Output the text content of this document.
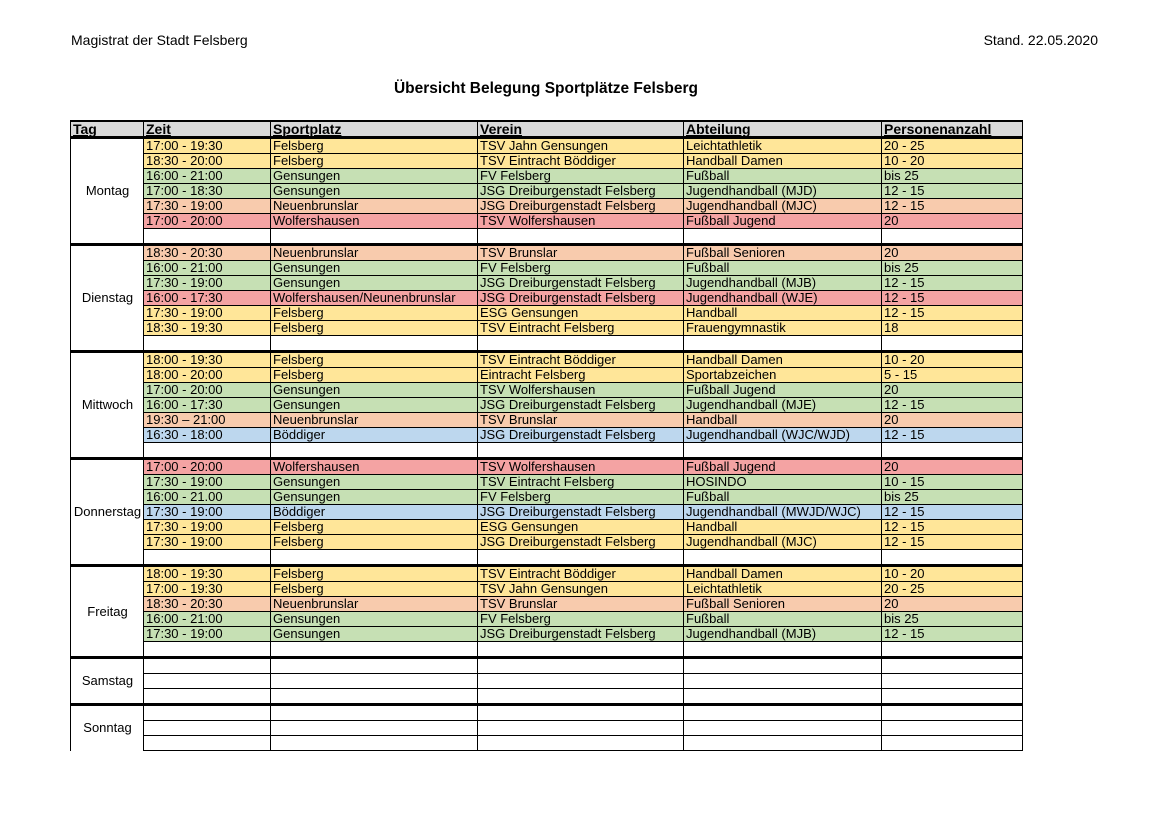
Magistrat der Stadt Felsberg	Stand. 22.05.2020
Übersicht Belegung Sportplätze Felsberg
Tag	Zeit	Sportplatz	Verein	Abteilung	Personenanzahl
Montag	17:00 - 19:30	Felsberg	TSV Jahn Gensungen	Leichtathletik	20 - 25
	18:30 - 20:00	Felsberg	TSV Eintracht Böddiger	Handball Damen	10 - 20
	16:00 - 21:00	Gensungen	FV Felsberg	Fußball	bis 25
	17:00 - 18:30	Gensungen	JSG Dreiburgenstadt Felsberg	Jugendhandball (MJD)	12 - 15
	17:30 - 19:00	Neuenbrunslar	JSG Dreiburgenstadt Felsberg	Jugendhandball (MJC)	12 - 15
	17:00 - 20:00	Wolfershausen	TSV Wolfershausen	Fußball Jugend	20

Dienstag	18:30 - 20:30	Neuenbrunslar	TSV Brunslar	Fußball Senioren	20
	16:00 - 21:00	Gensungen	FV Felsberg	Fußball	bis 25
	17:30 - 19:00	Gensungen	JSG Dreiburgenstadt Felsberg	Jugendhandball (MJB)	12 - 15
	16:00 - 17:30	Wolfershausen/Neunenbrunslar	JSG Dreiburgenstadt Felsberg	Jugendhandball (WJE)	12 - 15
	17:30 - 19:00	Felsberg	ESG Gensungen	Handball	12 - 15
	18:30 - 19:30	Felsberg	TSV Eintracht Felsberg	Frauengymnastik	18

Mittwoch	18:00 - 19:30	Felsberg	TSV Eintracht Böddiger	Handball Damen	10 - 20
	18:00 - 20:00	Felsberg	Eintracht Felsberg	Sportabzeichen	5 - 15
	17:00 - 20:00	Gensungen	TSV Wolfershausen	Fußball Jugend	20
	16:00 - 17:30	Gensungen	JSG Dreiburgenstadt Felsberg	Jugendhandball (MJE)	12 - 15
	19:30 – 21:00	Neuenbrunslar	TSV Brunslar	Handball	20
	16:30 - 18:00	Böddiger	JSG Dreiburgenstadt Felsberg	Jugendhandball (WJC/WJD)	12 - 15

Donnerstag	17:00 - 20:00	Wolfershausen	TSV Wolfershausen	Fußball Jugend	20
	17:30 - 19:00	Gensungen	TSV Eintracht Felsberg	HOSINDO	10 - 15
	16:00 - 21.00	Gensungen	FV Felsberg	Fußball	bis 25
	17:30 - 19:00	Böddiger	JSG Dreiburgenstadt Felsberg	Jugendhandball (MWJD/WJC)	12 - 15
	17:30 - 19:00	Felsberg	ESG Gensungen	Handball	12 - 15
	17:30 - 19:00	Felsberg	JSG Dreiburgenstadt Felsberg	Jugendhandball (MJC)	12 - 15

Freitag	18:00 - 19:30	Felsberg	TSV Eintracht Böddiger	Handball Damen	10 - 20
	17:00 - 19:30	Felsberg	TSV Jahn Gensungen	Leichtathletik	20 - 25
	18:30 - 20:30	Neuenbrunslar	TSV Brunslar	Fußball Senioren	20
	16:00 - 21:00	Gensungen	FV Felsberg	Fußball	bis 25
	17:30 - 19:00	Gensungen	JSG Dreiburgenstadt Felsberg	Jugendhandball (MJB)	12 - 15

Samstag					

Sonntag					
